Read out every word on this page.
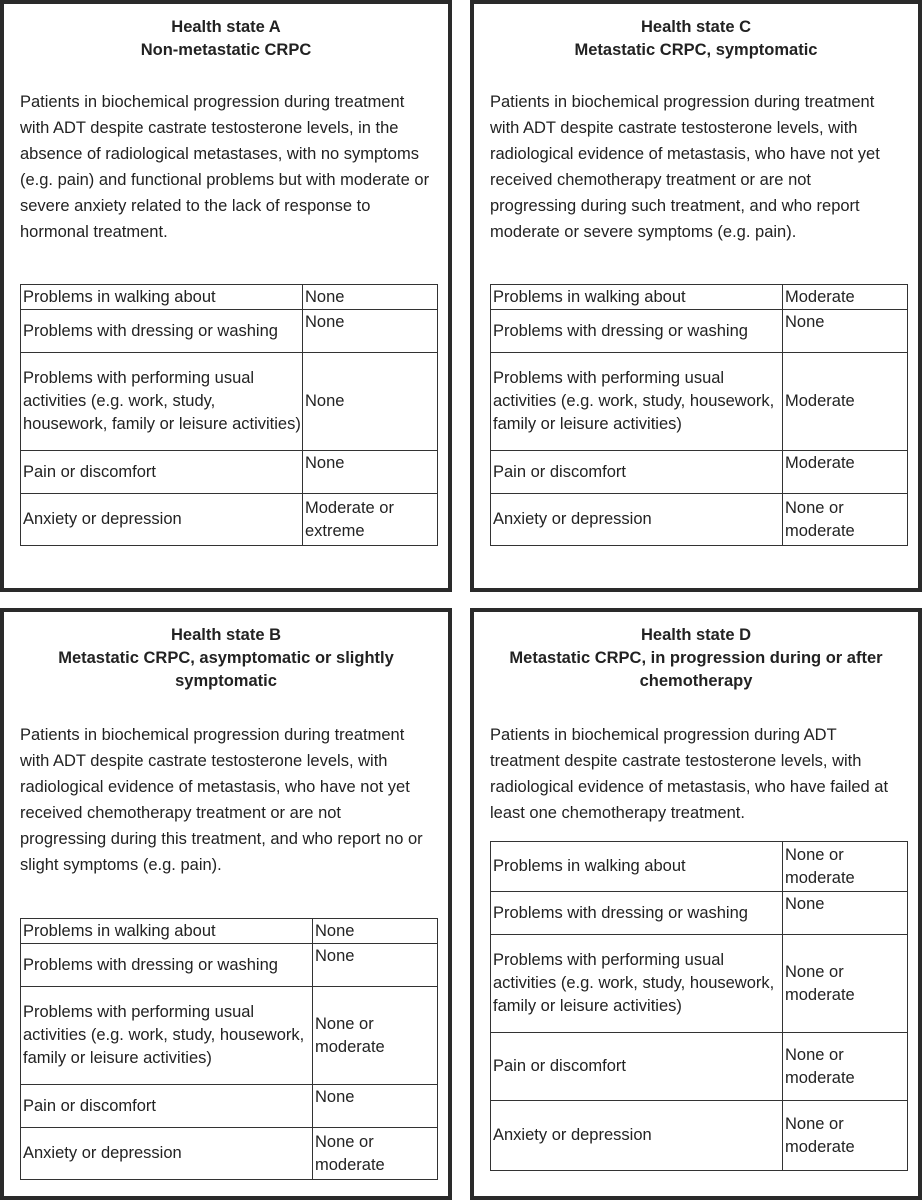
Health state A
Non-metastatic CRPC
Patients in biochemical progression during treatment with ADT despite castrate testosterone levels, in the absence of radiological metastases, with no symptoms (e.g. pain) and functional problems but with moderate or severe anxiety related to the lack of response to hormonal treatment.
Problems in walking about	None
Problems with dressing or washing	None
Problems with performing usual activities (e.g. work, study, housework, family or leisure activities)	None
Pain or discomfort	None
Anxiety or depression	Moderate or extreme
Health state C
Metastatic CRPC, symptomatic
Patients in biochemical progression during treatment with ADT despite castrate testosterone levels, with radiological evidence of metastasis, who have not yet received chemotherapy treatment or are not progressing during such treatment, and who report moderate or severe symptoms (e.g. pain).
Problems in walking about	Moderate
Problems with dressing or washing	None
Problems with performing usual activities (e.g. work, study, housework, family or leisure activities)	Moderate
Pain or discomfort	Moderate
Anxiety or depression	None or moderate
Health state B
Metastatic CRPC, asymptomatic or slightly symptomatic
Patients in biochemical progression during treatment with ADT despite castrate testosterone levels, with radiological evidence of metastasis, who have not yet received chemotherapy treatment or are not progressing during this treatment, and who report no or slight symptoms (e.g. pain).
Problems in walking about	None
Problems with dressing or washing	None
Problems with performing usual activities (e.g. work, study, housework, family or leisure activities)	None or moderate
Pain or discomfort	None
Anxiety or depression	None or moderate
Health state D
Metastatic CRPC, in progression during or after chemotherapy
Patients in biochemical progression during ADT treatment despite castrate testosterone levels, with radiological evidence of metastasis, who have failed at least one chemotherapy treatment.
Problems in walking about	None or moderate
Problems with dressing or washing	None
Problems with performing usual activities (e.g. work, study, housework, family or leisure activities)	None or moderate
Pain or discomfort	None or moderate
Anxiety or depression	None or moderate
